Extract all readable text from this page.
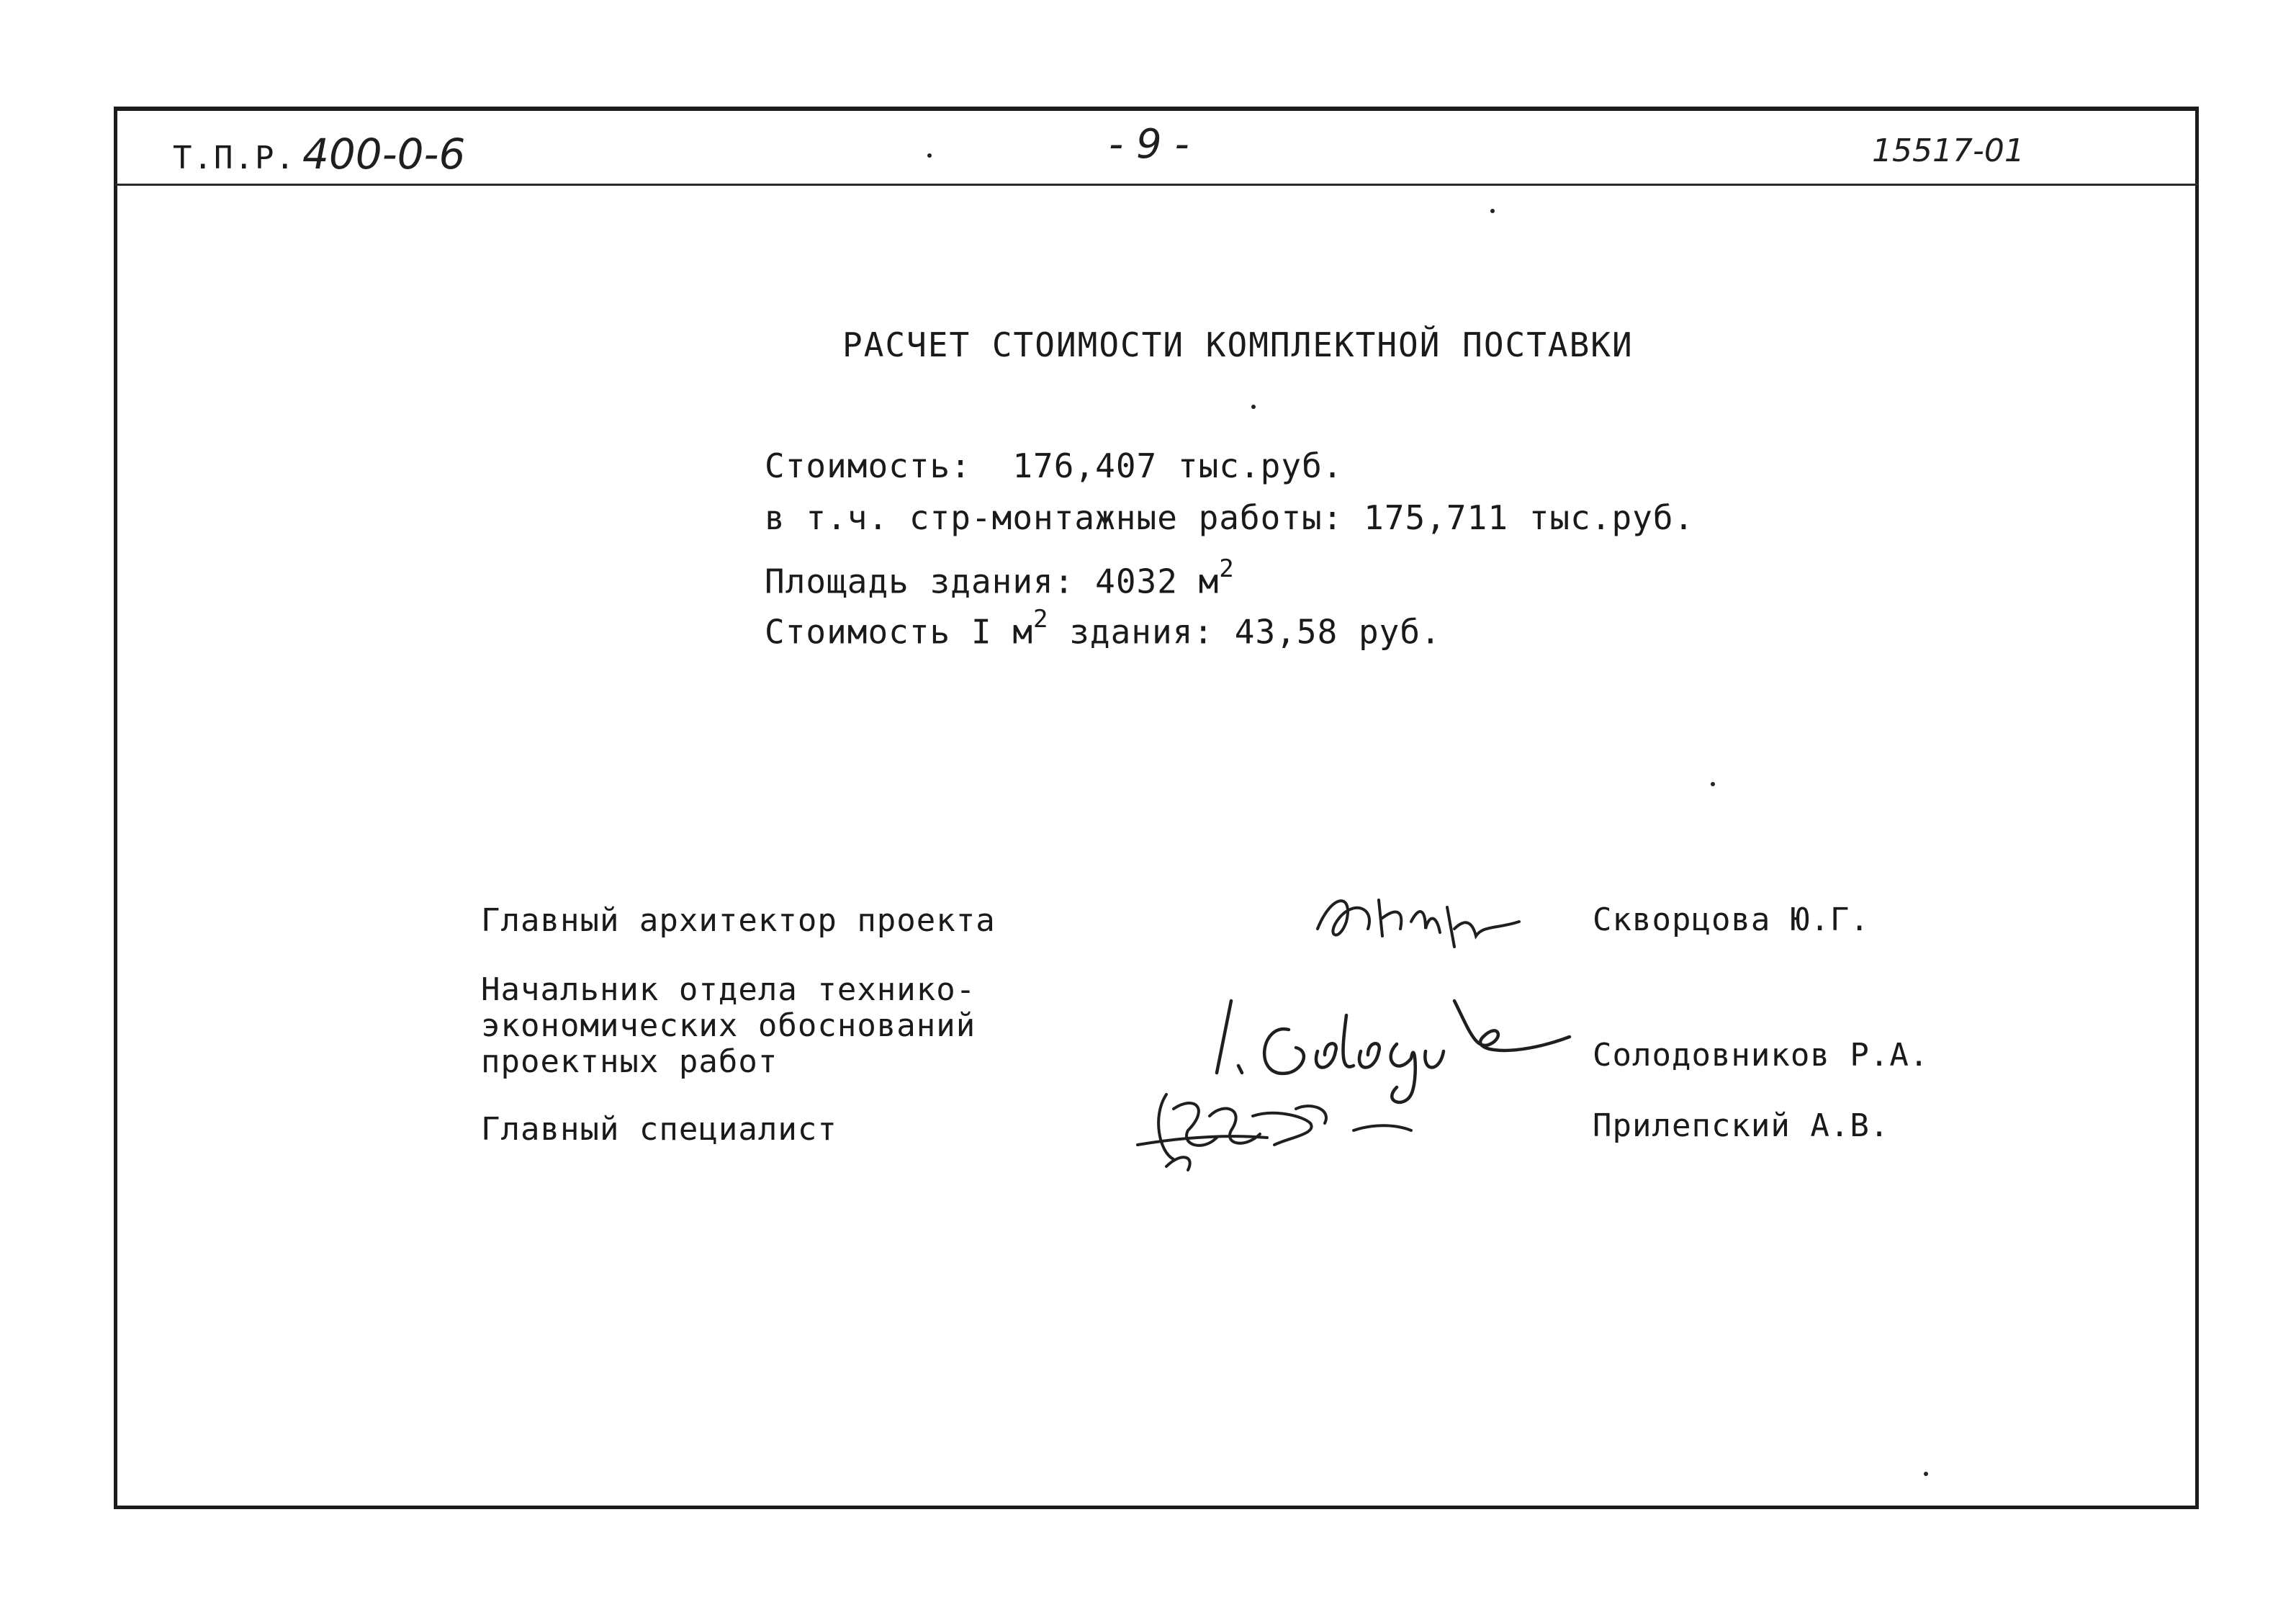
Т.П.Р. 400-0-6	- 9 -	15517-01
РАСЧЕТ СТОИМОСТИ КОМПЛЕКТНОЙ ПОСТАВКИ
Стоимость: 176,407 тыс.руб.
в т.ч. стр-монтажные работы: 175,711 тыс.руб.
Площадь здания: 4032 $м^2$
Стоимость I $м^2$ здания: 43,58 руб.
Главный архитектор проекта
Начальник отдела технико-
экономических обоснований
проектных работ
Главный специалист
Скворцова Ю.Г.
Солодовников Р.А.
Прилепский А.В.
